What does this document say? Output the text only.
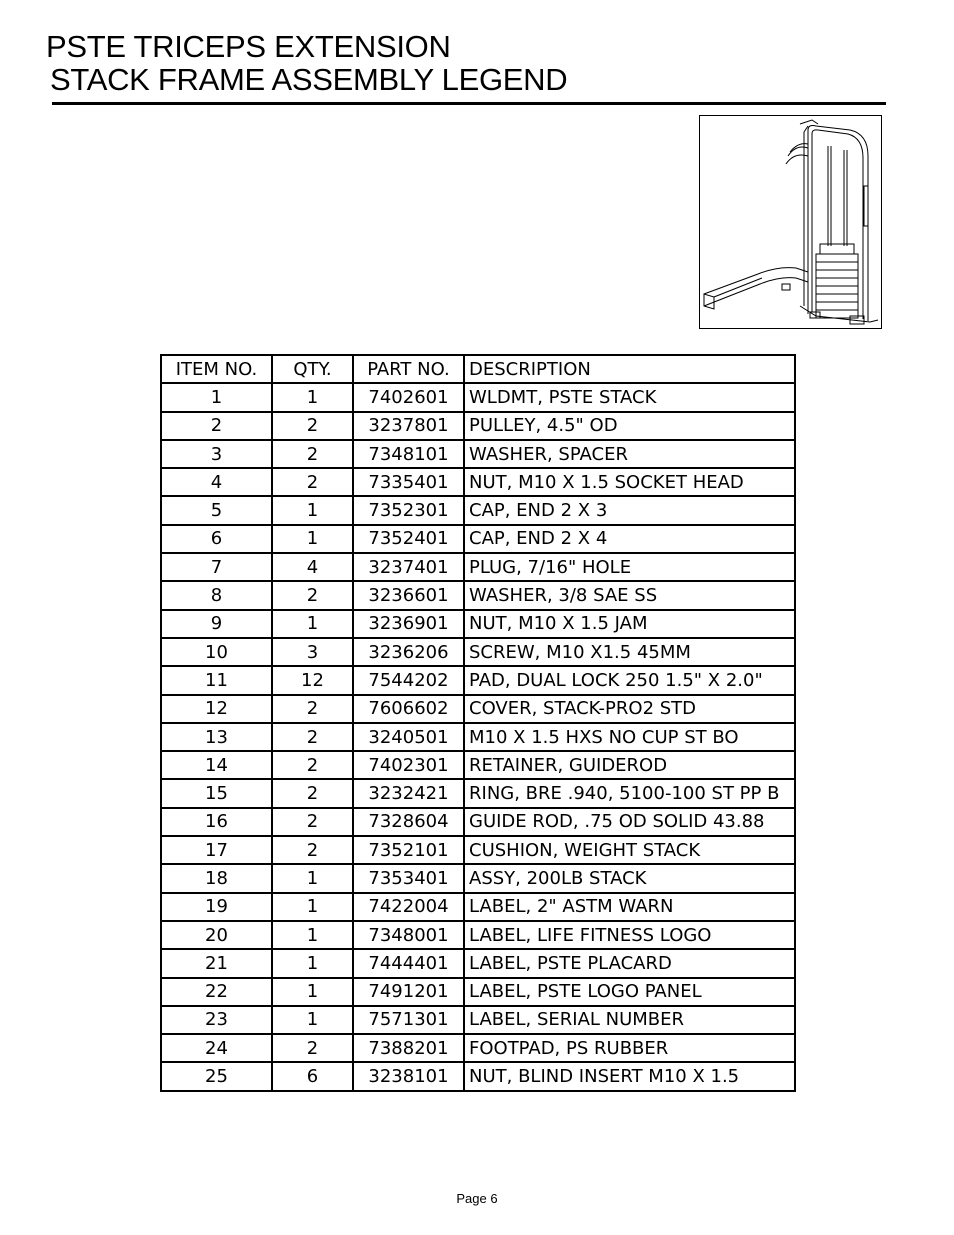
PSTE TRICEPS EXTENSION
STACK FRAME ASSEMBLY LEGEND
ITEM NO.	QTY.	PART NO.	DESCRIPTION
1	1	7402601	WLDMT, PSTE STACK
2	2	3237801	PULLEY, 4.5" OD
3	2	7348101	WASHER, SPACER
4	2	7335401	NUT, M10 X 1.5 SOCKET HEAD
5	1	7352301	CAP, END 2 X 3
6	1	7352401	CAP, END 2 X 4
7	4	3237401	PLUG, 7/16" HOLE
8	2	3236601	WASHER, 3/8 SAE SS
9	1	3236901	NUT, M10 X 1.5 JAM
10	3	3236206	SCREW, M10 X1.5 45MM
11	12	7544202	PAD, DUAL LOCK 250 1.5" X 2.0"
12	2	7606602	COVER, STACK-PRO2 STD
13	2	3240501	M10 X 1.5 HXS NO CUP ST BO
14	2	7402301	RETAINER, GUIDEROD
15	2	3232421	RING, BRE .940, 5100-100 ST PP B
16	2	7328604	GUIDE ROD, .75 OD SOLID 43.88
17	2	7352101	CUSHION, WEIGHT STACK
18	1	7353401	ASSY, 200LB STACK
19	1	7422004	LABEL, 2" ASTM WARN
20	1	7348001	LABEL, LIFE FITNESS LOGO
21	1	7444401	LABEL, PSTE PLACARD
22	1	7491201	LABEL, PSTE LOGO PANEL
23	1	7571301	LABEL, SERIAL NUMBER
24	2	7388201	FOOTPAD, PS RUBBER
25	6	3238101	NUT, BLIND INSERT M10 X 1.5
Page 6
